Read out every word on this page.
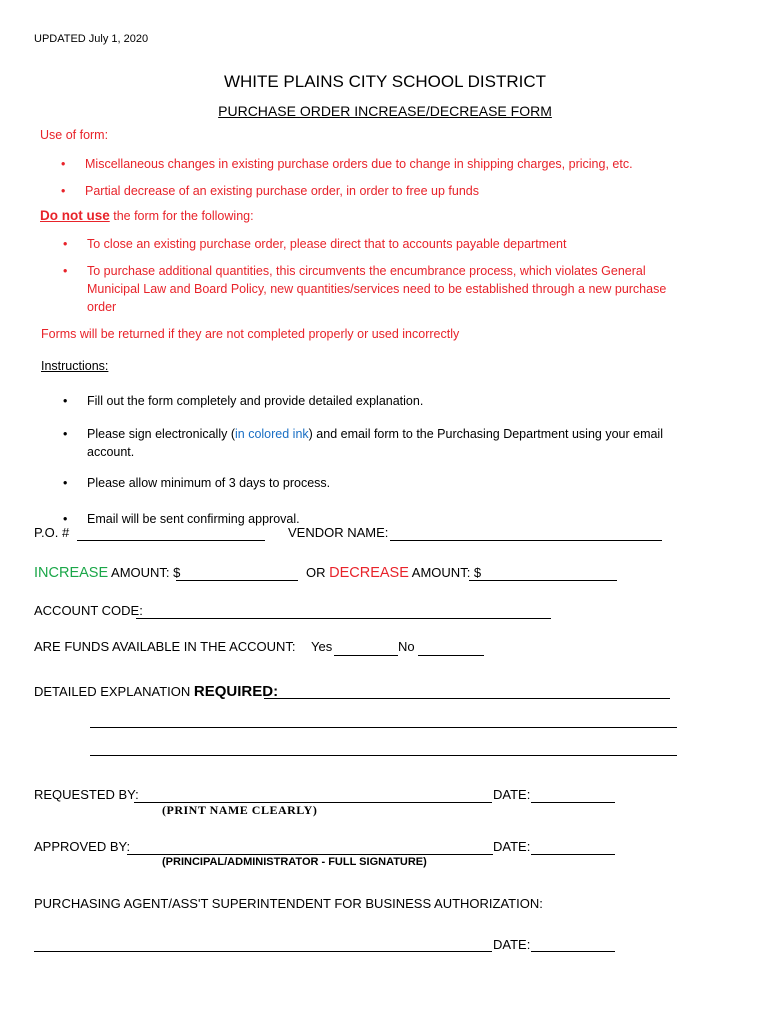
UPDATED July 1, 2020
WHITE PLAINS CITY SCHOOL DISTRICT
PURCHASE ORDER INCREASE/DECREASE FORM
Use of form:
• Miscellaneous changes in existing purchase orders due to change in shipping charges, pricing, etc.
• Partial decrease of an existing purchase order, in order to free up funds
Do not use the form for the following:
• To close an existing purchase order, please direct that to accounts payable department
• To purchase additional quantities, this circumvents the encumbrance process, which violates General
Municipal Law and Board Policy, new quantities/services need to be established through a new purchase
order
Forms will be returned if they are not completed properly or used incorrectly
Instructions:
• Fill out the form completely and provide detailed explanation.
• Please sign electronically (in colored ink) and email form to the Purchasing Department using your email
account.
• Please allow minimum of 3 days to process.
• Email will be sent confirming approval.
P.O. #	VENDOR NAME:
INCREASE AMOUNT: $	OR DECREASE AMOUNT: $
ACCOUNT CODE:
ARE FUNDS AVAILABLE IN THE ACCOUNT: Yes	No
DETAILED EXPLANATION REQUIRED:
REQUESTED BY:	DATE:
(PRINT NAME CLEARLY)
APPROVED BY:	DATE:
(PRINCIPAL/ADMINISTRATOR - FULL SIGNATURE)
PURCHASING AGENT/ASS'T SUPERINTENDENT FOR BUSINESS AUTHORIZATION:
DATE:
